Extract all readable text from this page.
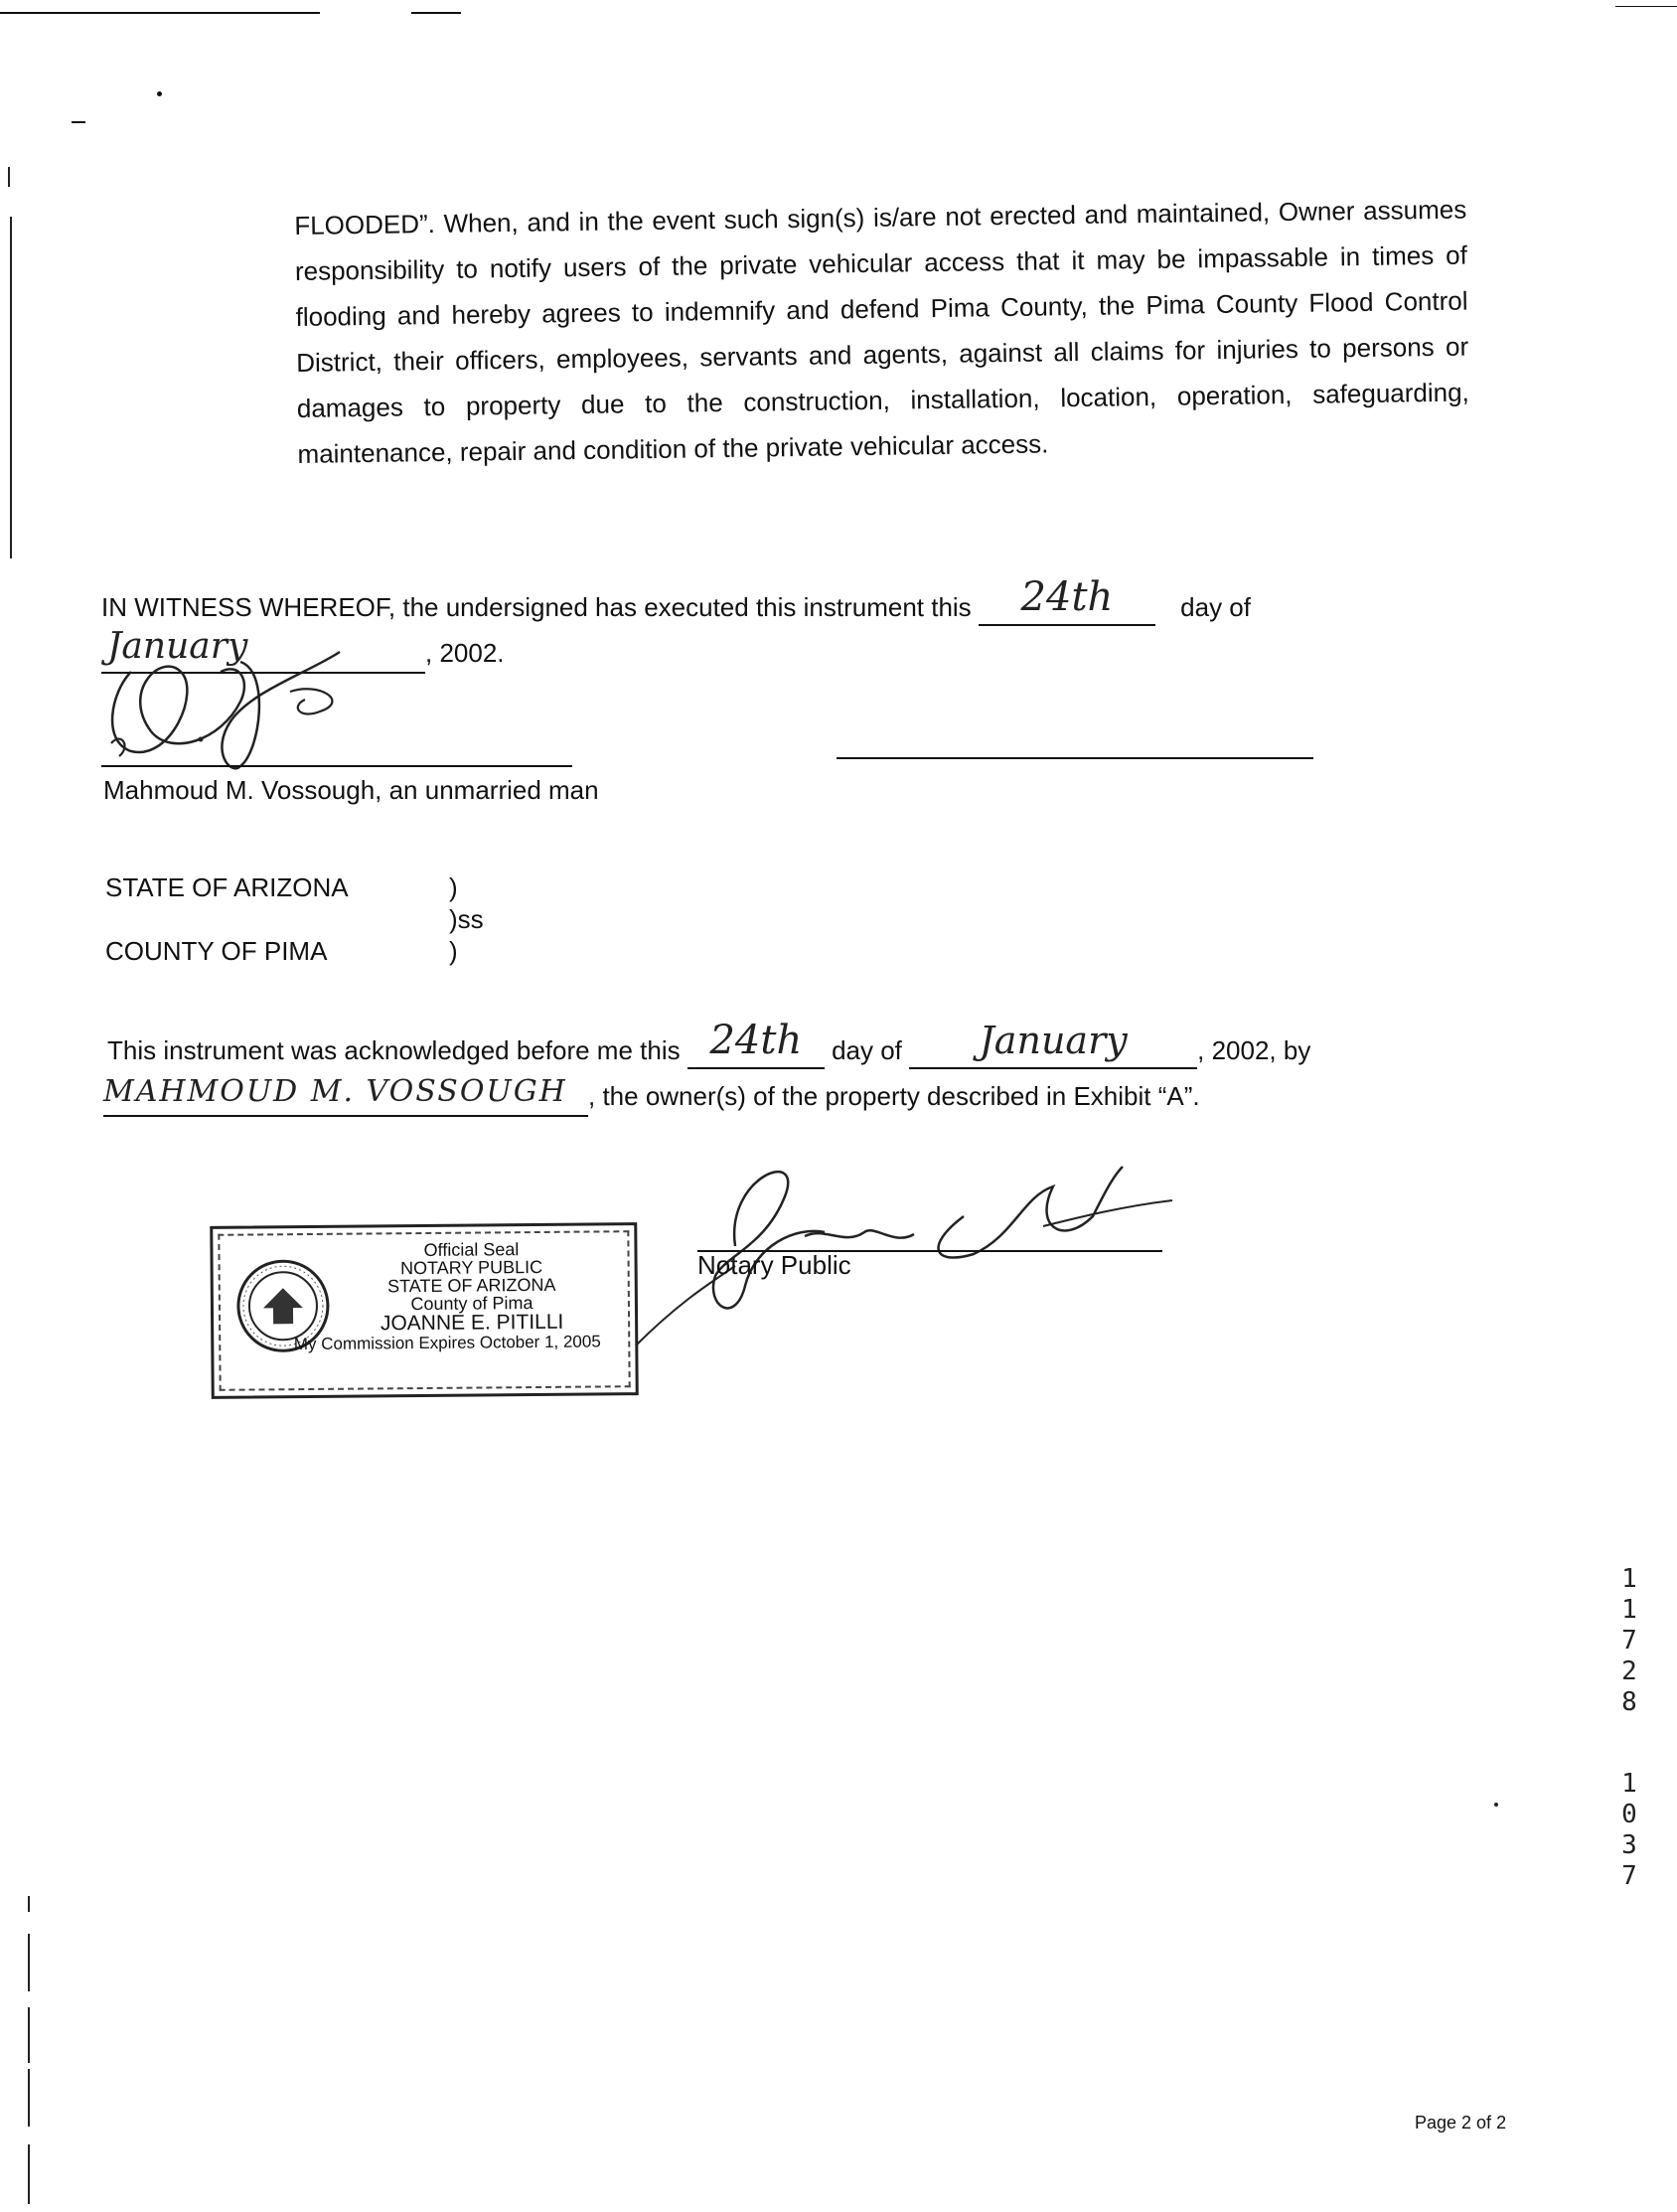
FLOODED”. When, and in the event such sign(s) is/are not erected and maintained, Owner assumes responsibility to notify users of the private vehicular access that it may be impassable in times of flooding and hereby agrees to indemnify and defend Pima County, the Pima County Flood Control District, their officers, employees, servants and agents, against all claims for injuries to persons or damages to property due to the construction, installation, location, operation, safeguarding, maintenance, repair and condition of the private vehicular access.
IN WITNESS WHEREOF, the undersigned has executed this instrument this 24th	day of
January	, 2002.
Mahmoud M. Vossough, an unmarried man
STATE OF ARIZONA	)
)ss
COUNTY OF PIMA	)
This instrument was acknowledged before me this 24th day of January	, 2002, by
MAHMOUD M. VOSSOUGH , the owner(s) of the property described in Exhibit “A”.
Official Seal
NOTARY PUBLIC
STATE OF ARIZONA
County of Pima
JOANNE E. PITILLI
My Commission Expires October 1, 2005
Notary Public
1
1
7
2
8
1
0
3
7
Page 2 of 2
